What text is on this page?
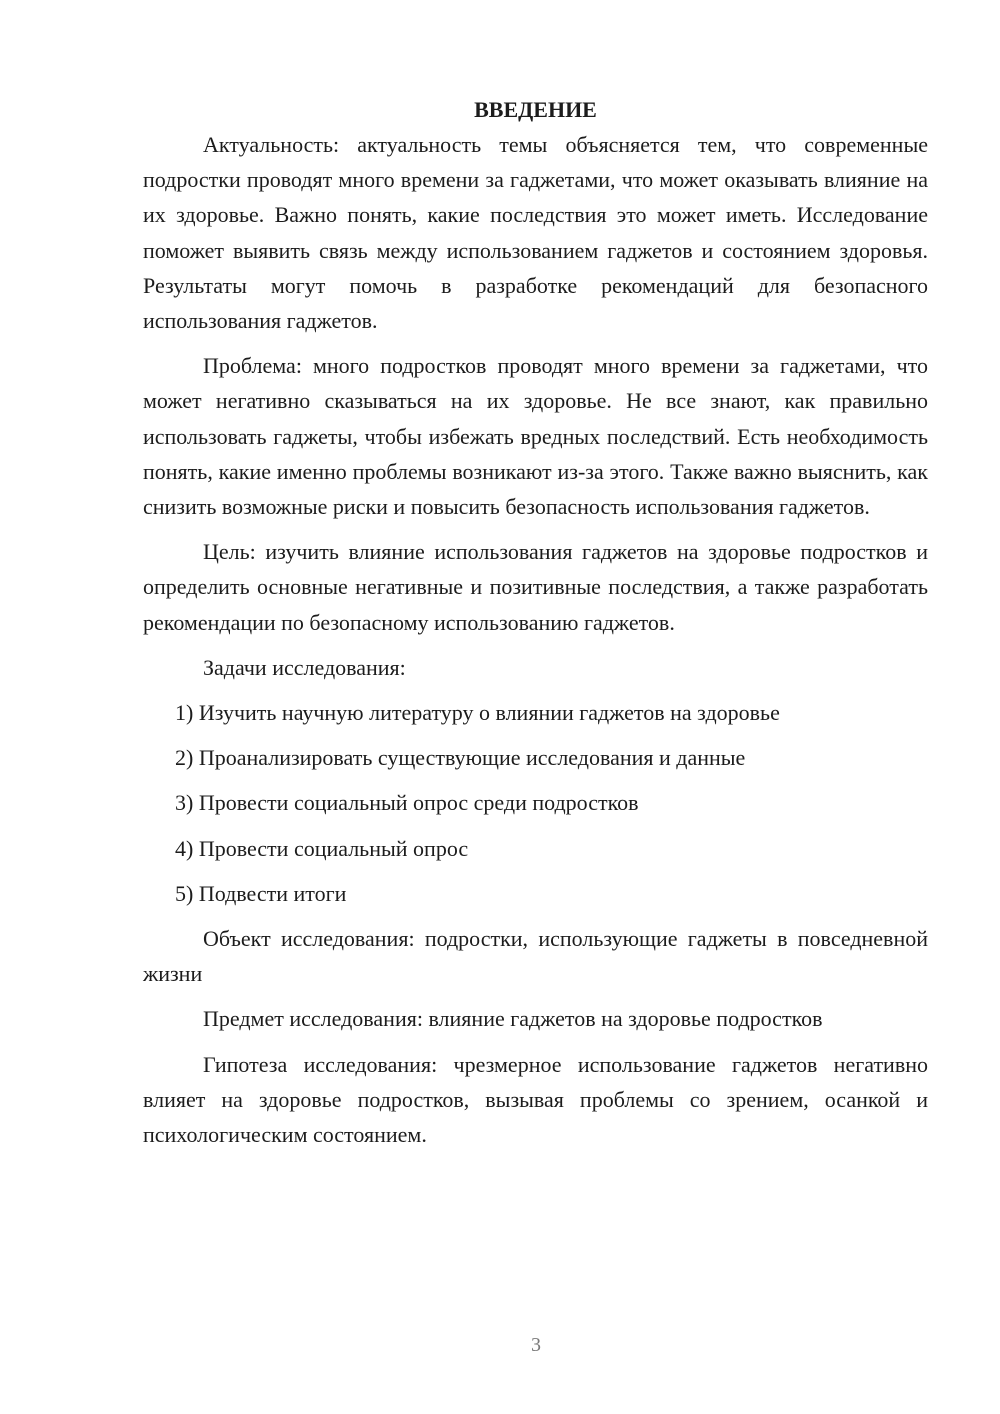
ВВЕДЕНИЕ

Актуальность: актуальность темы объясняется тем, что современные подростки проводят много времени за гаджетами, что может оказывать влияние на их здоровье. Важно понять, какие последствия это может иметь. Исследование поможет выявить связь между использованием гаджетов и состоянием здоровья. Результаты могут помочь в разработке рекомендаций для безопасного использования гаджетов.

Проблема: много подростков проводят много времени за гаджетами, что может негативно сказываться на их здоровье. Не все знают, как правильно использовать гаджеты, чтобы избежать вредных последствий. Есть необходимость понять, какие именно проблемы возникают из-за этого. Также важно выяснить, как снизить возможные риски и повысить безопасность использования гаджетов.

Цель: изучить влияние использования гаджетов на здоровье подростков и определить основные негативные и позитивные последствия, а также разработать рекомендации по безопасному использованию гаджетов.

Задачи исследования:

1) Изучить научную литературу о влиянии гаджетов на здоровье
2) Проанализировать существующие исследования и данные
3) Провести социальный опрос среди подростков
4) Провести социальный опрос
5) Подвести итоги

Объект исследования: подростки, использующие гаджеты в повседневной жизни

Предмет исследования: влияние гаджетов на здоровье подростков

Гипотеза исследования: чрезмерное использование гаджетов негативно влияет на здоровье подростков, вызывая проблемы со зрением, осанкой и психологическим состоянием.

3
